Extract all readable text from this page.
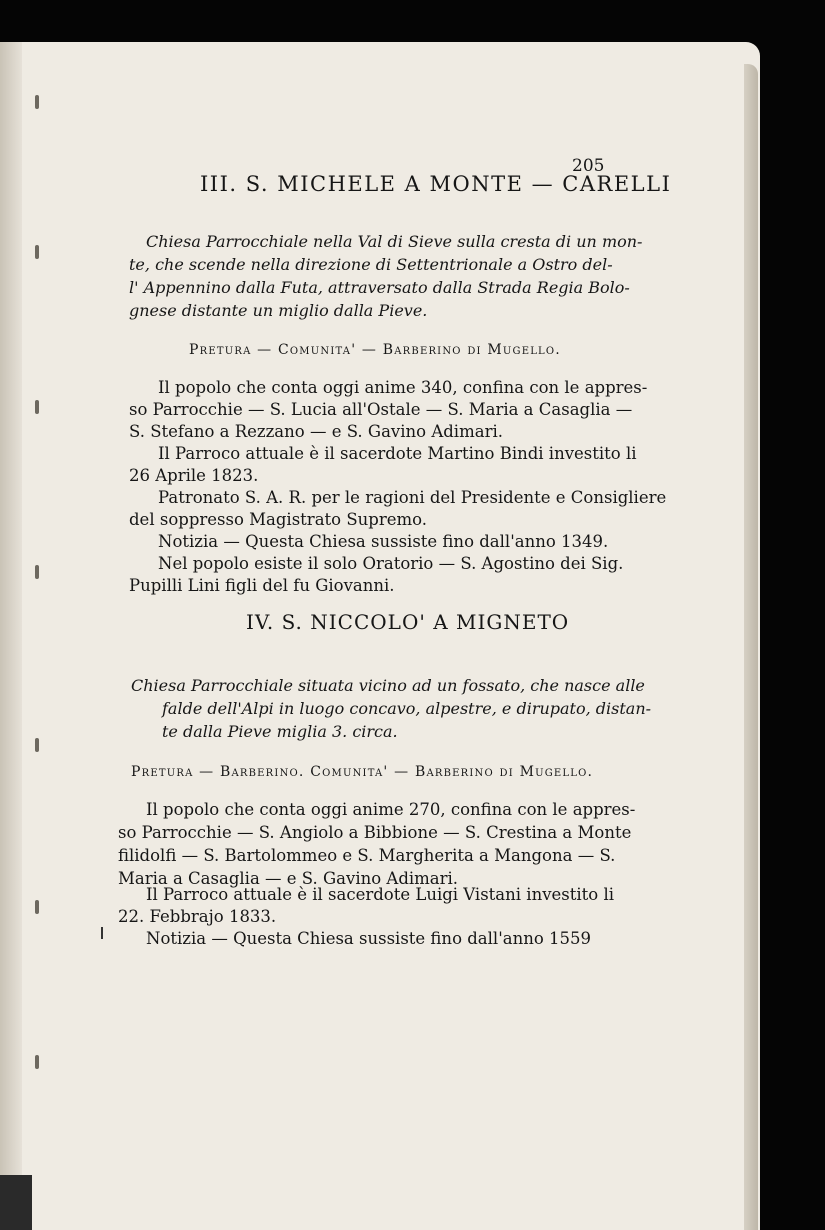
205
III. S. MICHELE A MONTE — CARELLI
Chiesa Parrocchiale nella Val di Sieve sulla cresta di un mon-
te, che scende nella direzione di Settentrionale a Ostro del-
l' Appennino dalla Futa, attraversato dalla Strada Regia Bolo-
gnese distante un miglio dalla Pieve.
Pretura — Comunita' — Barberino di Mugello.
Il popolo che conta oggi anime 340, confina con le appres-
so Parrocchie — S. Lucia all'Ostale — S. Maria a Casaglia —
S. Stefano a Rezzano — e S. Gavino Adimari.
Il Parroco attuale è il sacerdote Martino Bindi investito li
26 Aprile 1823.
Patronato S. A. R. per le ragioni del Presidente e Consigliere
del soppresso Magistrato Supremo.
Notizia — Questa Chiesa sussiste fino dall'anno 1349.
Nel popolo esiste il solo Oratorio — S. Agostino dei Sig.
Pupilli Lini figli del fu Giovanni.
IV. S. NICCOLO' A MIGNETO
Chiesa Parrocchiale situata vicino ad un fossato, che nasce alle
falde dell'Alpi in luogo concavo, alpestre, e dirupato, distan-
te dalla Pieve miglia 3. circa.
Pretura — Barberino. Comunita' — Barberino di Mugello.
Il popolo che conta oggi anime 270, confina con le appres-
so Parrocchie — S. Angiolo a Bibbione — S. Crestina a Monte
filidolfi — S. Bartolommeo e S. Margherita a Mangona — S.
Maria a Casaglia — e S. Gavino Adimari.
Il Parroco attuale è il sacerdote Luigi Vistani investito li
22. Febbrajo 1833.
Notizia — Questa Chiesa sussiste fino dall'anno 1559
